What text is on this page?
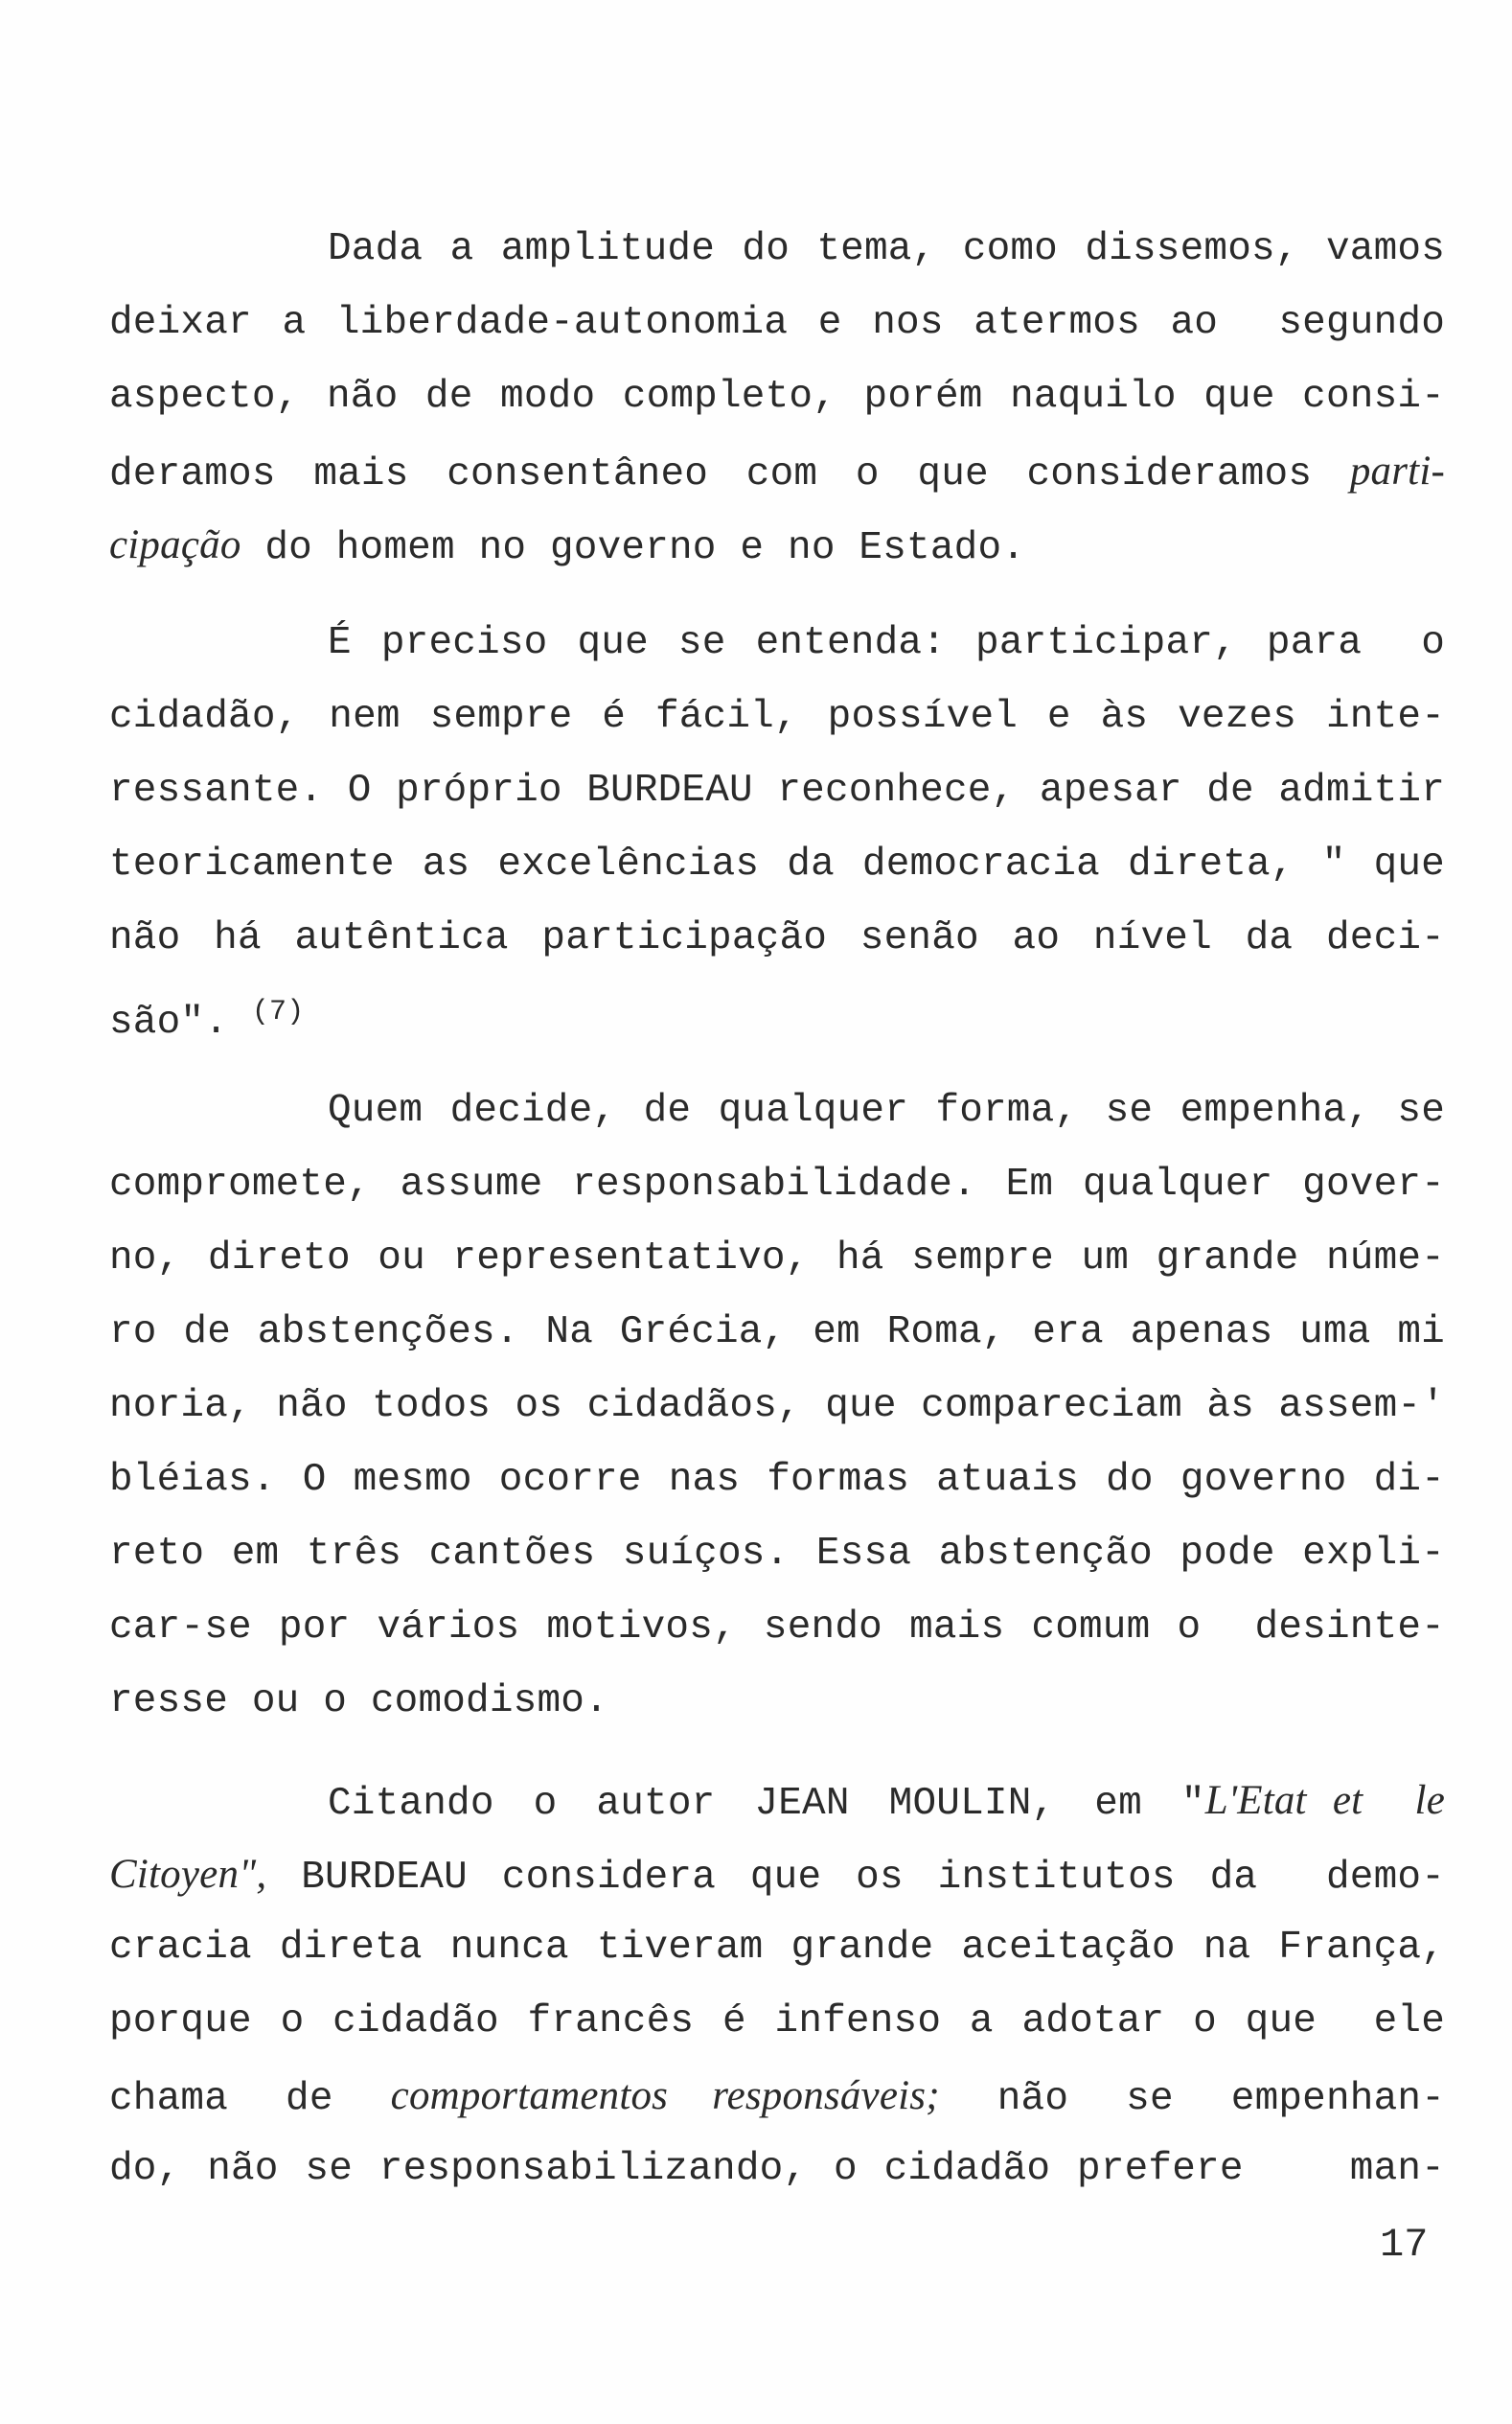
Dada a amplitude do tema, como dissemos, vamos
deixar a liberdade-autonomia e nos atermos ao  segundo
aspecto, não de modo completo, porém naquilo que consi-
deramos mais consentâneo com o que consideramos parti-
cipação do homem no governo e no Estado.
É preciso que se entenda: participar, para  o
cidadão, nem sempre é fácil, possível e às vezes inte-
ressante. O próprio BURDEAU reconhece, apesar de admitir
teoricamente as excelências da democracia direta, " que
não há autêntica participação senão ao nível da deci-
são". $^{(7)}$
Quem decide, de qualquer forma, se empenha, se
compromete, assume responsabilidade. Em qualquer gover-
no, direto ou representativo, há sempre um grande núme-
ro de abstenções. Na Grécia, em Roma, era apenas uma mi
noria, não todos os cidadãos, que compareciam às assem-'
bléias. O mesmo ocorre nas formas atuais do governo di-
reto em três cantões suíços. Essa abstenção pode expli-
car-se por vários motivos, sendo mais comum o  desinte-
resse ou o comodismo.
Citando o autor JEAN MOULIN, em "L'Etat et  le
Citoyen", BURDEAU considera que os institutos da  demo-
cracia direta nunca tiveram grande aceitação na França,
porque o cidadão francês é infenso a adotar o que  ele
chama de comportamentos responsáveis; não se empenhan-
do, não se responsabilizando, o cidadão prefere    man-
17
